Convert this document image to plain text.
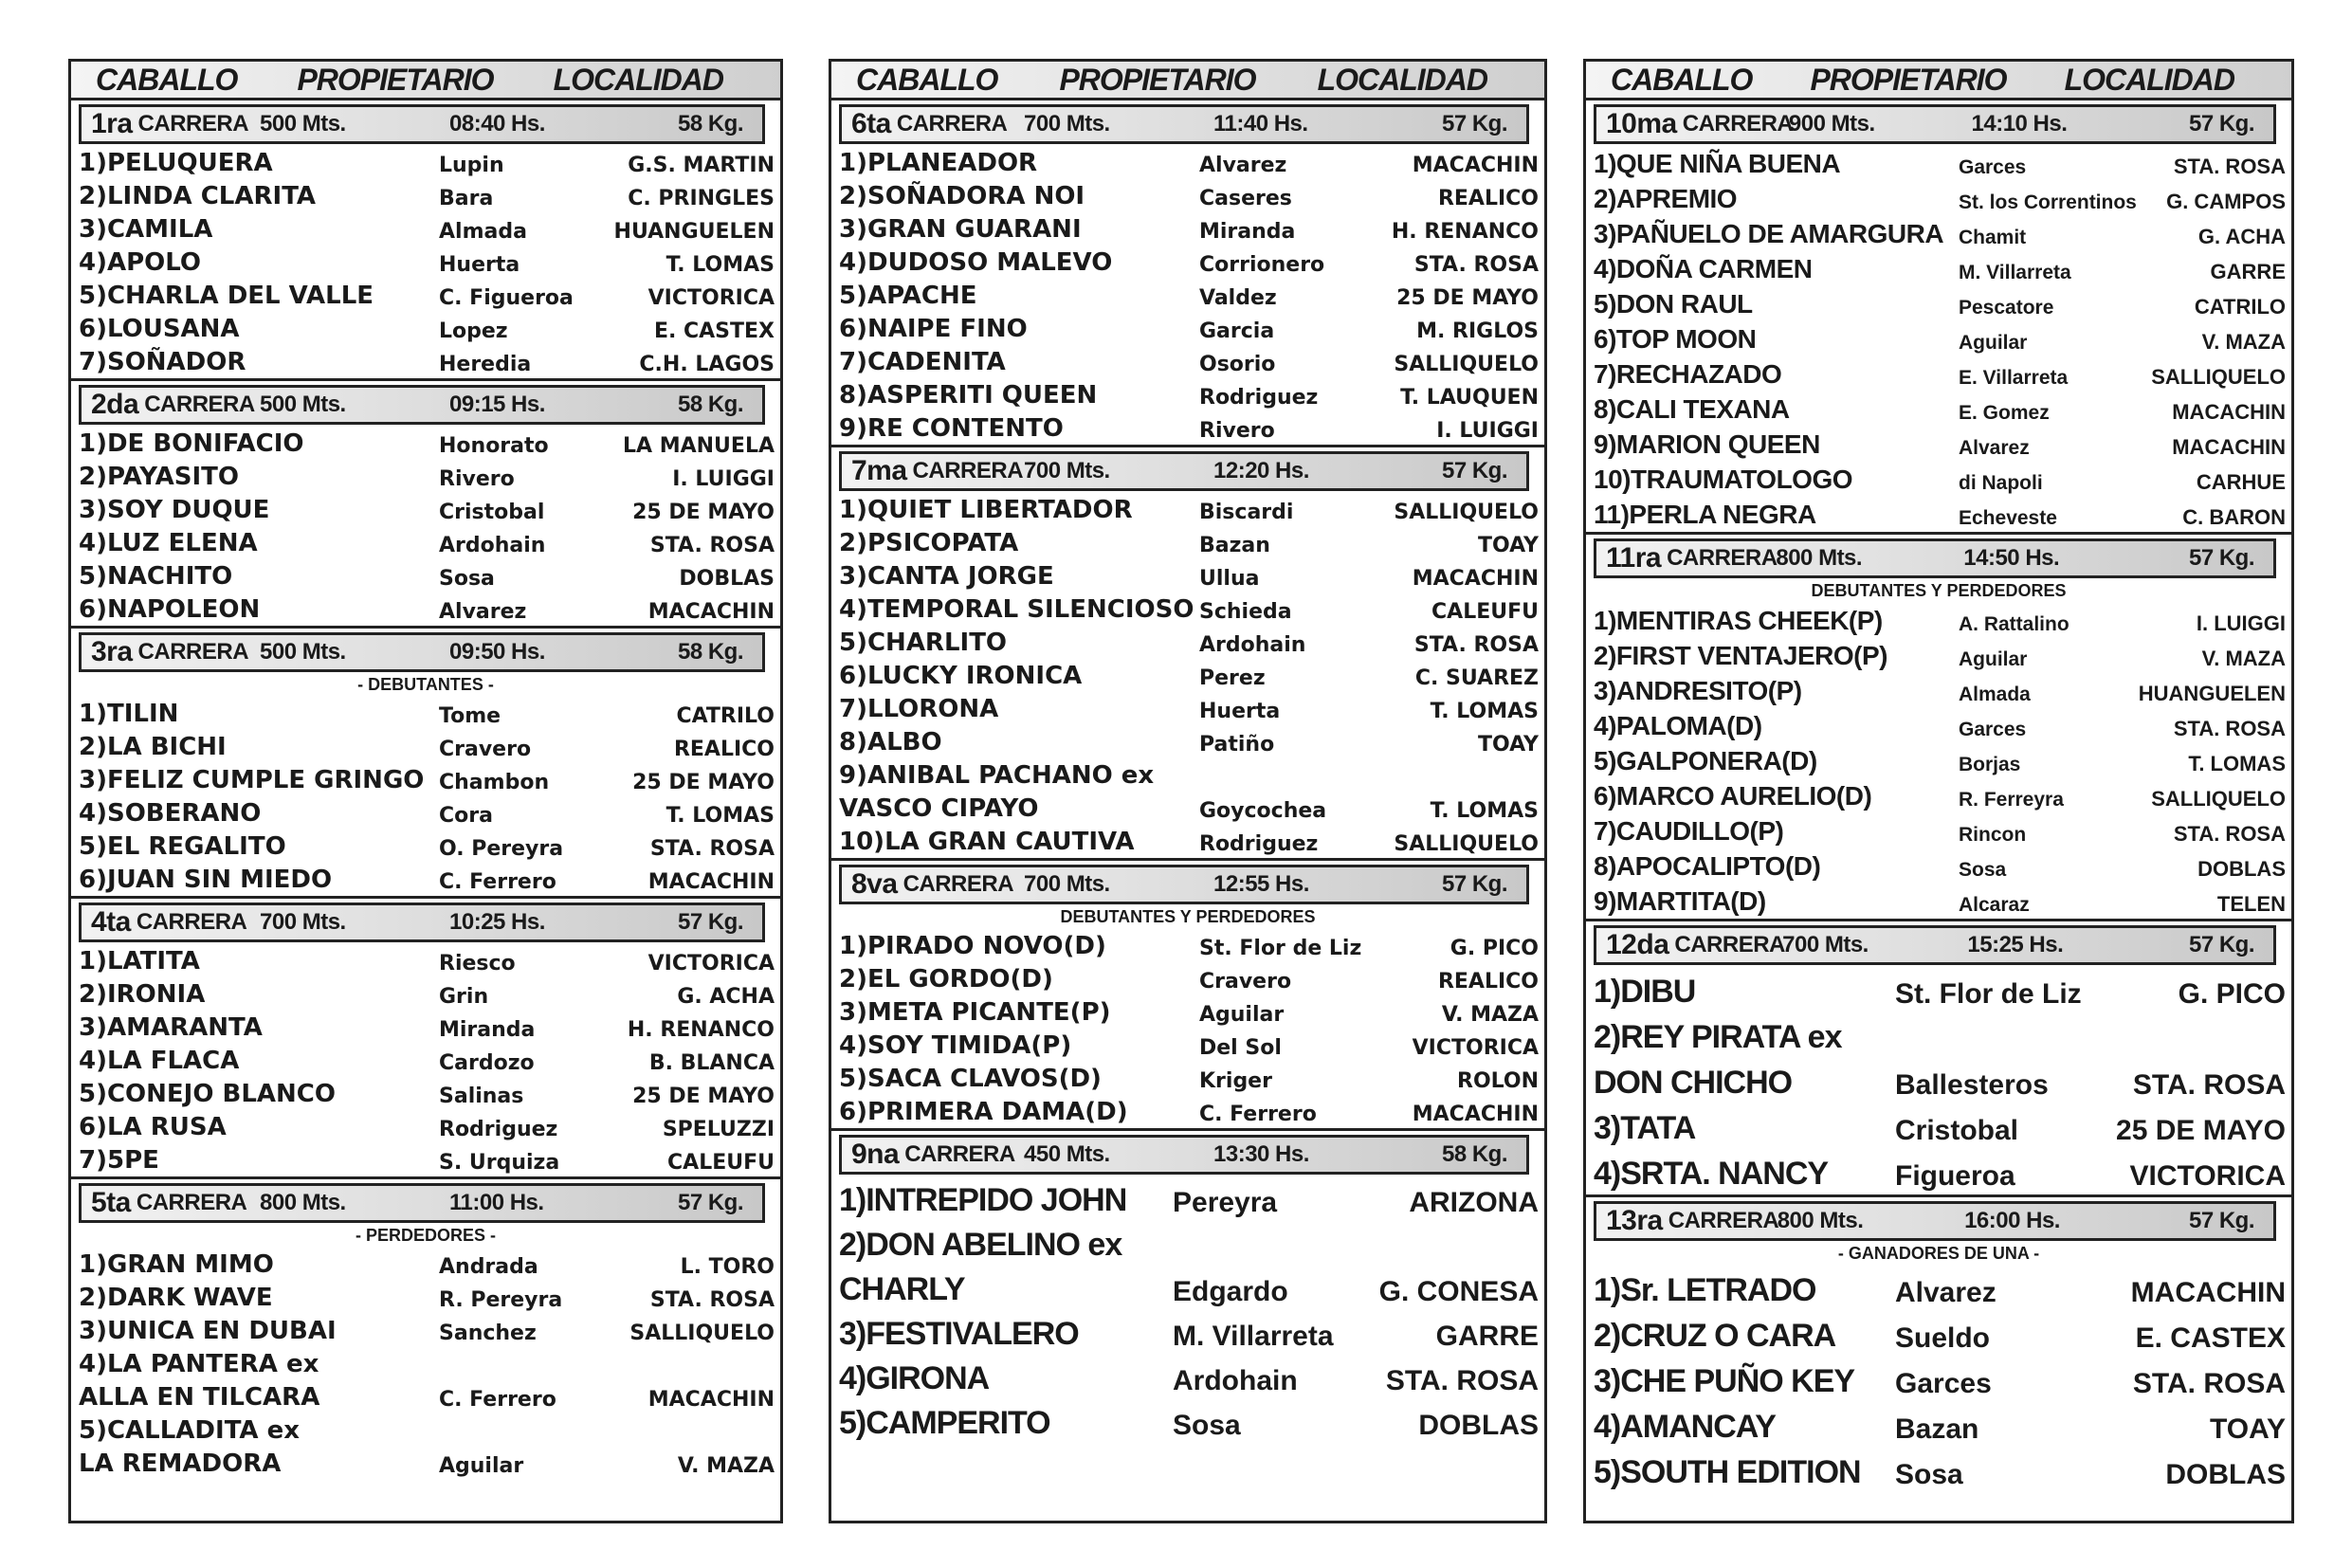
CABALLO PROPIETARIO LOCALIDAD
1ra CARRERA 500 Mts.	08:40 Hs.	58 Kg.
1)PELUQUERA	Lupin	G.S. MARTIN
2)LINDA CLARITA	Bara	C. PRINGLES
3)CAMILA	Almada	HUANGUELEN
4)APOLO	Huerta	T. LOMAS
5)CHARLA DEL VALLE	C. Figueroa	VICTORICA
6)LOUSANA	Lopez	E. CASTEX
7)SOÑADOR	Heredia	C.H. LAGOS
2da CARRERA 500 Mts.	09:15 Hs.	58 Kg.
1)DE BONIFACIO	Honorato	LA MANUELA
2)PAYASITO	Rivero	I. LUIGGI
3)SOY DUQUE	Cristobal	25 DE MAYO
4)LUZ ELENA	Ardohain	STA. ROSA
5)NACHITO	Sosa	DOBLAS
6)NAPOLEON	Alvarez	MACACHIN
3ra CARRERA 500 Mts.	09:50 Hs.	58 Kg.
- DEBUTANTES -
1)TILIN	Tome	CATRILO
2)LA BICHI	Cravero	REALICO
3)FELIZ CUMPLE GRINGO Chambon	25 DE MAYO
4)SOBERANO	Cora	T. LOMAS
5)EL REGALITO	O. Pereyra	STA. ROSA
6)JUAN SIN MIEDO	C. Ferrero	MACACHIN
4ta CARRERA 700 Mts.	10:25 Hs.	57 Kg.
1)LATITA	Riesco	VICTORICA
2)IRONIA	Grin	G. ACHA
3)AMARANTA	Miranda	H. RENANCO
4)LA FLACA	Cardozo	B. BLANCA
5)CONEJO BLANCO	Salinas	25 DE MAYO
6)LA RUSA	Rodriguez	SPELUZZI
7)5PE	S. Urquiza	CALEUFU
5ta CARRERA 800 Mts.	11:00 Hs.	57 Kg.
- PERDEDORES -
1)GRAN MIMO	Andrada	L. TORO
2)DARK WAVE	R. Pereyra	STA. ROSA
3)UNICA EN DUBAI	Sanchez	SALLIQUELO
4)LA PANTERA ex
ALLA EN TILCARA	C. Ferrero	MACACHIN
5)CALLADITA ex
LA REMADORA	Aguilar	V. MAZA
CABALLO PROPIETARIO LOCALIDAD
6ta CARRERA 700 Mts.	11:40 Hs.	57 Kg.
1)PLANEADOR	Alvarez	MACACHIN
2)SOÑADORA NOI	Caseres	REALICO
3)GRAN GUARANI	Miranda	H. RENANCO
4)DUDOSO MALEVO	Corrionero	STA. ROSA
5)APACHE	Valdez	25 DE MAYO
6)NAIPE FINO	Garcia	M. RIGLOS
7)CADENITA	Osorio	SALLIQUELO
8)ASPERITI QUEEN	Rodriguez	T. LAUQUEN
9)RE CONTENTO	Rivero	I. LUIGGI
7ma CARRERA 700 Mts.	12:20 Hs.	57 Kg.
1)QUIET LIBERTADOR	Biscardi	SALLIQUELO
2)PSICOPATA	Bazan	TOAY
3)CANTA JORGE	Ullua	MACACHIN
4)TEMPORAL SILENCIOSO Schieda	CALEUFU
5)CHARLITO	Ardohain	STA. ROSA
6)LUCKY IRONICA	Perez	C. SUAREZ
7)LLORONA	Huerta	T. LOMAS
8)ALBO	Patiño	TOAY
9)ANIBAL PACHANO ex
VASCO CIPAYO	Goycochea	T. LOMAS
10)LA GRAN CAUTIVA	Rodriguez	SALLIQUELO
8va CARRERA 700 Mts.	12:55 Hs.	57 Kg.
DEBUTANTES Y PERDEDORES
1)PIRADO NOVO(D)	St. Flor de Liz	G. PICO
2)EL GORDO(D)	Cravero	REALICO
3)META PICANTE(P)	Aguilar	V. MAZA
4)SOY TIMIDA(P)	Del Sol	VICTORICA
5)SACA CLAVOS(D)	Kriger	ROLON
6)PRIMERA DAMA(D)	C. Ferrero	MACACHIN
9na CARRERA 450 Mts.	13:30 Hs.	58 Kg.
1)INTREPIDO JOHN Pereyra	ARIZONA
2)DON ABELINO ex
CHARLY	Edgardo	G. CONESA
3)FESTIVALERO	M. Villarreta	GARRE
4)GIRONA	Ardohain	STA. ROSA
5)CAMPERITO	Sosa	DOBLAS
CABALLO PROPIETARIO LOCALIDAD
10ma CARRERA
900 Mts.	14:10 Hs.	57 Kg.
1)QUE NIÑA BUENA	Garces	STA. ROSA
2)APREMIO	St. los Correntinos G. CAMPOS
3)PAÑUELO DE AMARGURA Chamit	G. ACHA
4)DOÑA CARMEN	M. Villarreta	GARRE
5)DON RAUL	Pescatore	CATRILO
6)TOP MOON	Aguilar	V. MAZA
7)RECHAZADO	E. Villarreta	SALLIQUELO
8)CALI TEXANA	E. Gomez	MACACHIN
9)MARION QUEEN	Alvarez	MACACHIN
10)TRAUMATOLOGO	di Napoli	CARHUE
11)PERLA NEGRA	Echeveste	C. BARON
11ra CARRERA
800 Mts.	14:50 Hs.	57 Kg.
DEBUTANTES Y PERDEDORES
1)MENTIRAS CHEEK(P)	A. Rattalino	I. LUIGGI
2)FIRST VENTAJERO(P)	Aguilar	V. MAZA
3)ANDRESITO(P)	Almada	HUANGUELEN
4)PALOMA(D)	Garces	STA. ROSA
5)GALPONERA(D)	Borjas	T. LOMAS
6)MARCO AURELIO(D)	R. Ferreyra	SALLIQUELO
7)CAUDILLO(P)	Rincon	STA. ROSA
8)APOCALIPTO(D)	Sosa	DOBLAS
9)MARTITA(D)	Alcaraz	TELEN
12da CARRERA
700 Mts.	15:25 Hs.	57 Kg.
1)DIBU	St. Flor de Liz	G. PICO
2)REY PIRATA ex
DON CHICHO	Ballesteros	STA. ROSA
3)TATA	Cristobal	25 DE MAYO
4)SRTA. NANCY Figueroa	VICTORICA
13ra CARRERA
800 Mts.	16:00 Hs.	57 Kg.
- GANADORES DE UNA -
1)Sr. LETRADO	Alvarez	MACACHIN
2)CRUZ O CARA Sueldo	E. CASTEX
3)CHE PUÑO KEY Garces	STA. ROSA
4)AMANCAY	Bazan	TOAY
5)SOUTH EDITION Sosa	DOBLAS
